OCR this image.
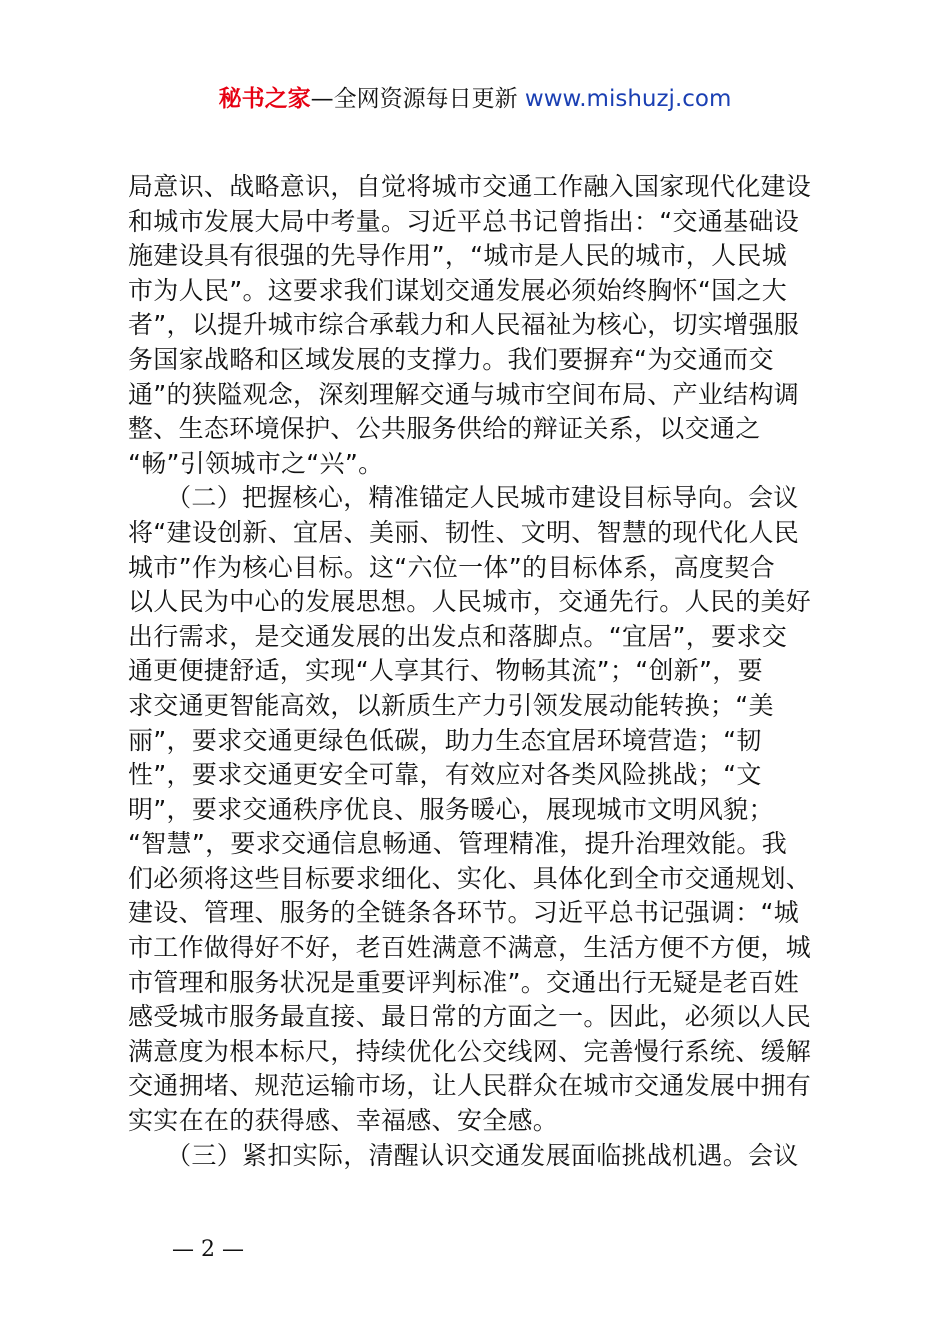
秘书之家—全网资源每日更新 www.mishuzj.com
局意识、战略意识，自觉将城市交通工作融入国家现代化建设
和城市发展大局中考量。习近平总书记曾指出：“交通基础设
施建设具有很强的先导作用”，“城市是人民的城市，人民城
市为人民”。这要求我们谋划交通发展必须始终胸怀“国之大
者”，以提升城市综合承载力和人民福祉为核心，切实增强服
务国家战略和区域发展的支撑力。我们要摒弃“为交通而交
通”的狭隘观念，深刻理解交通与城市空间布局、产业结构调
整、生态环境保护、公共服务供给的辩证关系，以交通之
“畅”引领城市之“兴”。
　　（二）把握核心，精准锚定人民城市建设目标导向。会议
将“建设创新、宜居、美丽、韧性、文明、智慧的现代化人民
城市”作为核心目标。这“六位一体”的目标体系，高度契合
以人民为中心的发展思想。人民城市，交通先行。人民的美好
出行需求，是交通发展的出发点和落脚点。“宜居”，要求交
通更便捷舒适，实现“人享其行、物畅其流”；“创新”，要
求交通更智能高效，以新质生产力引领发展动能转换；“美
丽”，要求交通更绿色低碳，助力生态宜居环境营造；“韧
性”，要求交通更安全可靠，有效应对各类风险挑战；“文
明”，要求交通秩序优良、服务暖心，展现城市文明风貌；
“智慧”，要求交通信息畅通、管理精准，提升治理效能。我
们必须将这些目标要求细化、实化、具体化到全市交通规划、
建设、管理、服务的全链条各环节。习近平总书记强调：“城
市工作做得好不好，老百姓满意不满意，生活方便不方便，城
市管理和服务状况是重要评判标准”。交通出行无疑是老百姓
感受城市服务最直接、最日常的方面之一。因此，必须以人民
满意度为根本标尺，持续优化公交线网、完善慢行系统、缓解
交通拥堵、规范运输市场，让人民群众在城市交通发展中拥有
实实在在的获得感、幸福感、安全感。
　　（三）紧扣实际，清醒认识交通发展面临挑战机遇。会议
— 2 —
